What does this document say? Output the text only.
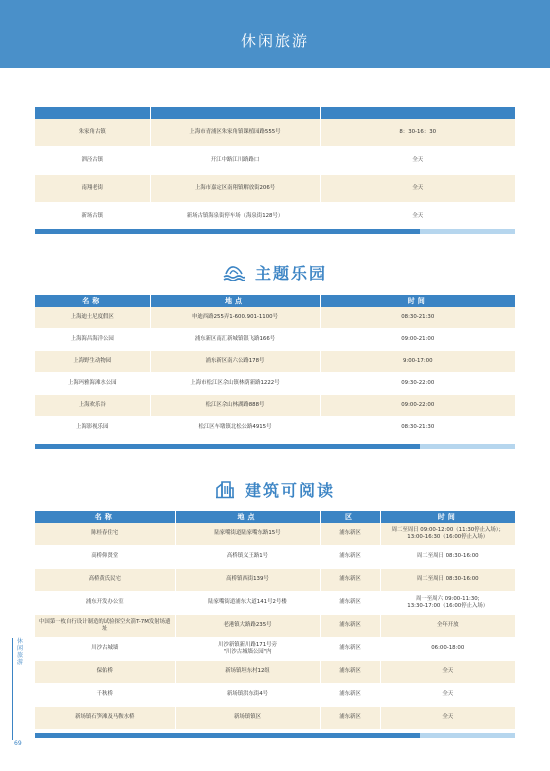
休闲旅游

朱家角古镇	上海市青浦区朱家角镇课植园路555号	8：30-16：30
泗泾古镇	开江中路江川路路口	全天
南翔老街	上海市嘉定区南翔镇解放街206号	全天
新场古镇	新场古镇海泉街停车场（海泉街128号）	全天
主题乐园
名称	地点	时间
上海迪士尼度假区	申迪西路255弄1-600.901-1100号	08:30-21:30
上海海昌海洋公园	浦东新区南汇新城镇银飞路166号	09:00-21:00
上海野生动物园	浦东新区南六公路178号	9:00-17:00
上海玛雅海滩水公园	上海市松江区佘山镇林荫新路1222号	09:30-22:00
上海欢乐谷	松江区佘山林湖路888号	09:00-22:00
上海影视乐园	松江区车墩镇北松公路4915号	08:30-21:30
建筑可阅读
名称	地点	区	时间
陈桂春住宅	陆家嘴街道陆家嘴东路15号	浦东新区	周二至周日 09:00-12:00（11:30停止入场）；
13:00-16:30（16:00停止入场）
高桥仰贤堂	高桥镇义王路1号	浦东新区	周二至周日 08:30-16:00
高桥黄氏民宅	高桥镇西街139号	浦东新区	周二至周日 08:30-16:00
浦东开发办公室	陆家嘴街道浦东大道141号2号楼	浦东新区	周一至周六 09:00-11:30;
13:30-17:00（16:00停止入场）
中国第一枚自行设计制造的试验探空火箭T-7M发射场遗址	老港镇大路路235号	浦东新区	全年开放
川沙古城墙	川沙新镇新川路171号旁
"川沙古城墙公园"内	浦东新区	06:00-18:00
保佑桥	新场镇坦东村12组	浦东新区	全天
千秋桥	新场镇洪东街4号	浦东新区	全天
新场镇石笋滩及马鞍水桥	新场镇镇区	浦东新区	全天
休闲旅游
69
